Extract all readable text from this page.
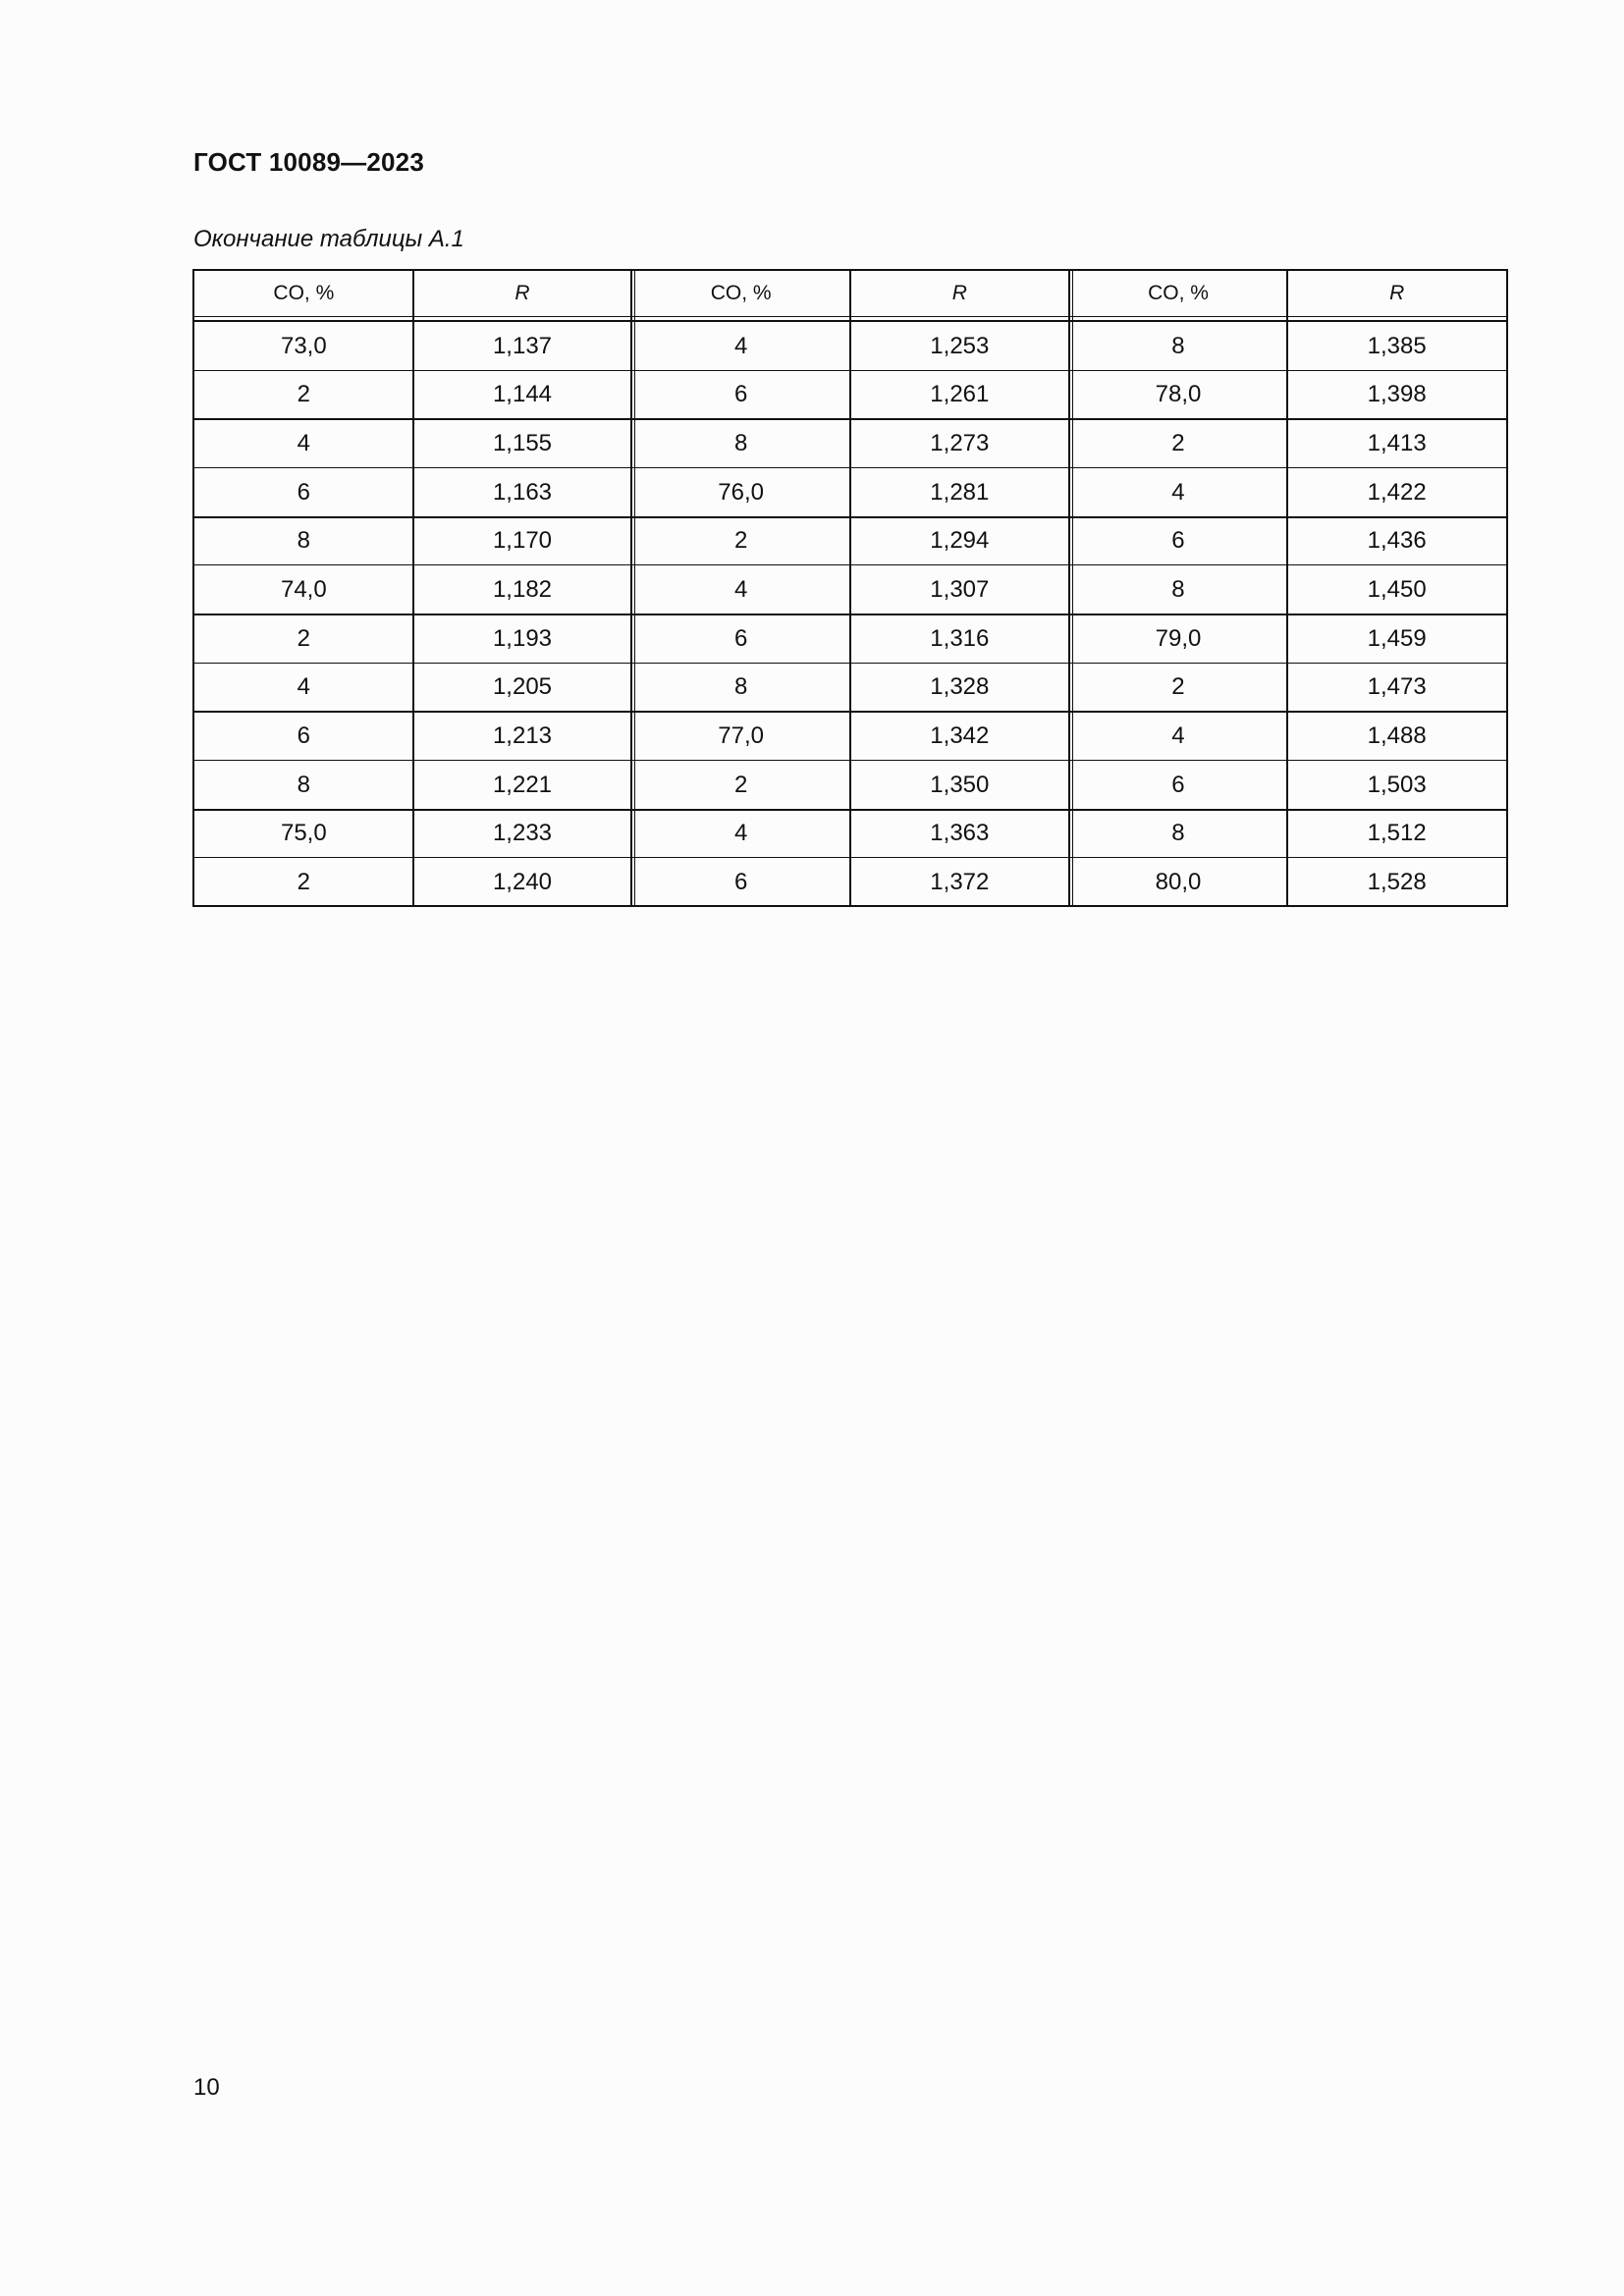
ГОСТ 10089—2023
Окончание таблицы А.1
CO, %	R	CO, %	R	CO, %	R
73,0	1,137	4	1,253	8	1,385
2	1,144	6	1,261	78,0	1,398
4	1,155	8	1,273	2	1,413
6	1,163	76,0	1,281	4	1,422
8	1,170	2	1,294	6	1,436
74,0	1,182	4	1,307	8	1,450
2	1,193	6	1,316	79,0	1,459
4	1,205	8	1,328	2	1,473
6	1,213	77,0	1,342	4	1,488
8	1,221	2	1,350	6	1,503
75,0	1,233	4	1,363	8	1,512
2	1,240	6	1,372	80,0	1,528
10
